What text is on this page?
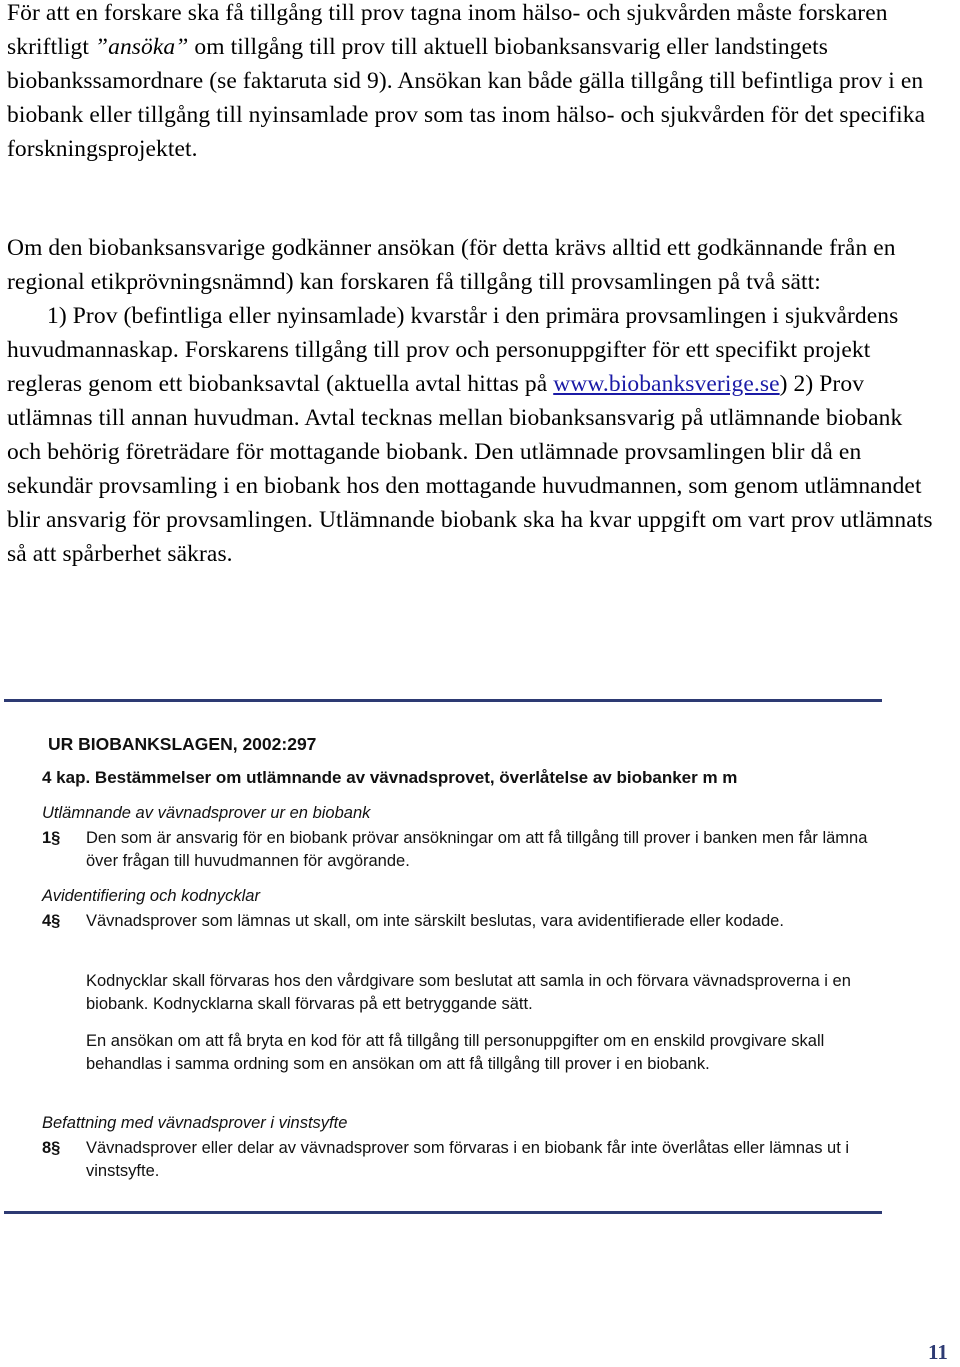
För att en forskare ska få tillgång till prov tagna inom hälso- och sjukvården måste forskaren skriftligt ”ansöka” om tillgång till prov till aktuell biobanksansvarig eller landstingets biobankssamordnare (se faktaruta sid 9). Ansökan kan både gälla tillgång till befintliga prov i en biobank eller tillgång till nyinsamlade prov som tas inom hälso- och sjukvården för det specifika forskningsprojektet.

Om den biobanksansvarige godkänner ansökan (för detta krävs alltid ett godkännande från en regional etikprövningsnämnd) kan forskaren få tillgång till provsamlingen på två sätt:
1) Prov (befintliga eller nyinsamlade) kvarstår i den primära provsamlingen i sjukvårdens huvudmannaskap. Forskarens tillgång till prov och personuppgifter för ett specifikt projekt regleras genom ett biobanksavtal (aktuella avtal hittas på www.biobanksverige.se) 2) Prov utlämnas till annan huvudman. Avtal tecknas mellan biobanksansvarig på utlämnande biobank och behörig företrädare för mottagande biobank. Den utlämnade provsamlingen blir då en sekundär provsamling i en biobank hos den mottagande huvudmannen, som genom utlämnandet blir ansvarig för provsamlingen. Utlämnande biobank ska ha kvar uppgift om vart prov utlämnats så att spårberhet säkras.

UR BIOBANKSLAGEN, 2002:297
4 kap. Bestämmelser om utlämnande av vävnadsprovet, överlåtelse av biobanker m m
Utlämnande av vävnadsprover ur en biobank
1§ Den som är ansvarig för en biobank prövar ansökningar om att få tillgång till prover i banken men får lämna över frågan till huvudmannen för avgörande.
Avidentifiering och kodnycklar
4§ Vävnadsprover som lämnas ut skall, om inte särskilt beslutas, vara avidentifierade eller kodade.
Kodnycklar skall förvaras hos den vårdgivare som beslutat att samla in och förvara vävnadsproverna i en biobank. Kodnycklarna skall förvaras på ett betryggande sätt.
En ansökan om att få bryta en kod för att få tillgång till personuppgifter om en enskild provgivare skall behandlas i samma ordning som en ansökan om att få tillgång till prover i en biobank.
Befattning med vävnadsprover i vinstsyfte
8§ Vävnadsprover eller delar av vävnadsprover som förvaras i en biobank får inte överlåtas eller lämnas ut i vinstsyfte.
11
